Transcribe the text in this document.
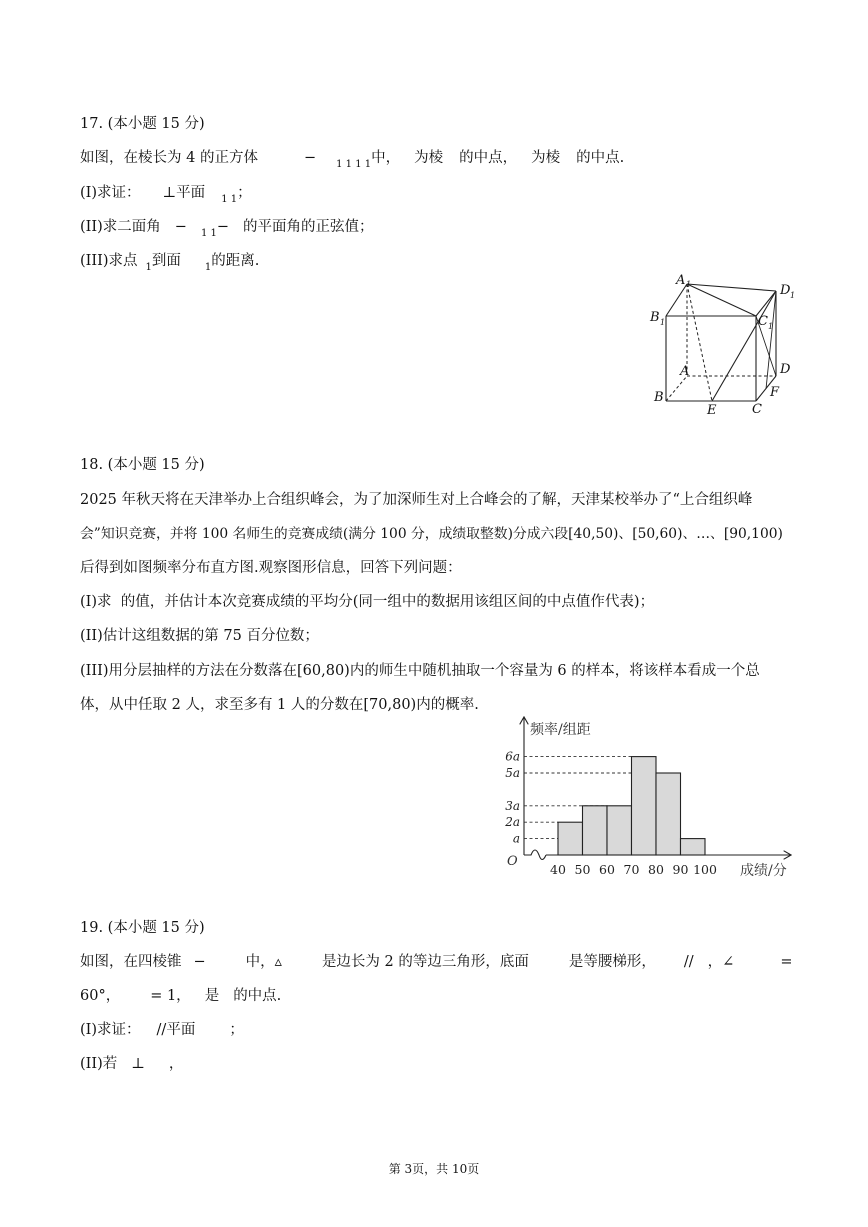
17. (本小题 15 分)
如图，在棱长为 4 的正方体	− $_{1 1 1 1}$中， 为棱 的中点， 为棱 的中点.
(I)求证： ⊥平面 $_{1 1}$；
(II)求二面角 − $_{1 1}$− 的平面角的正弦值；
(III)求点 $_1$到面 $_1$的距离.
A 1	D 1
B 1	C 1
A	D
F
B
C
E
18. (本小题 15 分)
2025 年秋天将在天津举办上合组织峰会，为了加深师生对上合峰会的了解，天津某校举办了“上合组织峰
会”知识竞赛，并将 100 名师生的竞赛成绩(满分 100 分，成绩取整数)分成六段[40,50)、[50,60)、…、[90,100)
后得到如图频率分布直方图.观察图形信息，回答下列问题：
(I)求  的值，并估计本次竞赛成绩的平均分(同一组中的数据用该组区间的中点值作代表)；
(II)估计这组数据的第 75 百分位数；
(III)用分层抽样的方法在分数落在[60,80)内的师生中随机抽取一个容量为 6 的样本，将该样本看成一个总
体，从中任取 2 人，求至多有 1 人的分数在[70,80)内的概率.
a
2a
3a
5a
6a
40 50 60 70 80 90 100
频率/组距
成绩/分
O
19. (本小题 15 分)
如图，在四棱锥 −	中，▵	是边长为 2 的等边三角形，底面	是等腰梯形， // ，∠	=
60°， = 1， 是 的中点.
(I)求证： //平面 ；
(II)若 ⊥ ，
第 3页，共 10页
